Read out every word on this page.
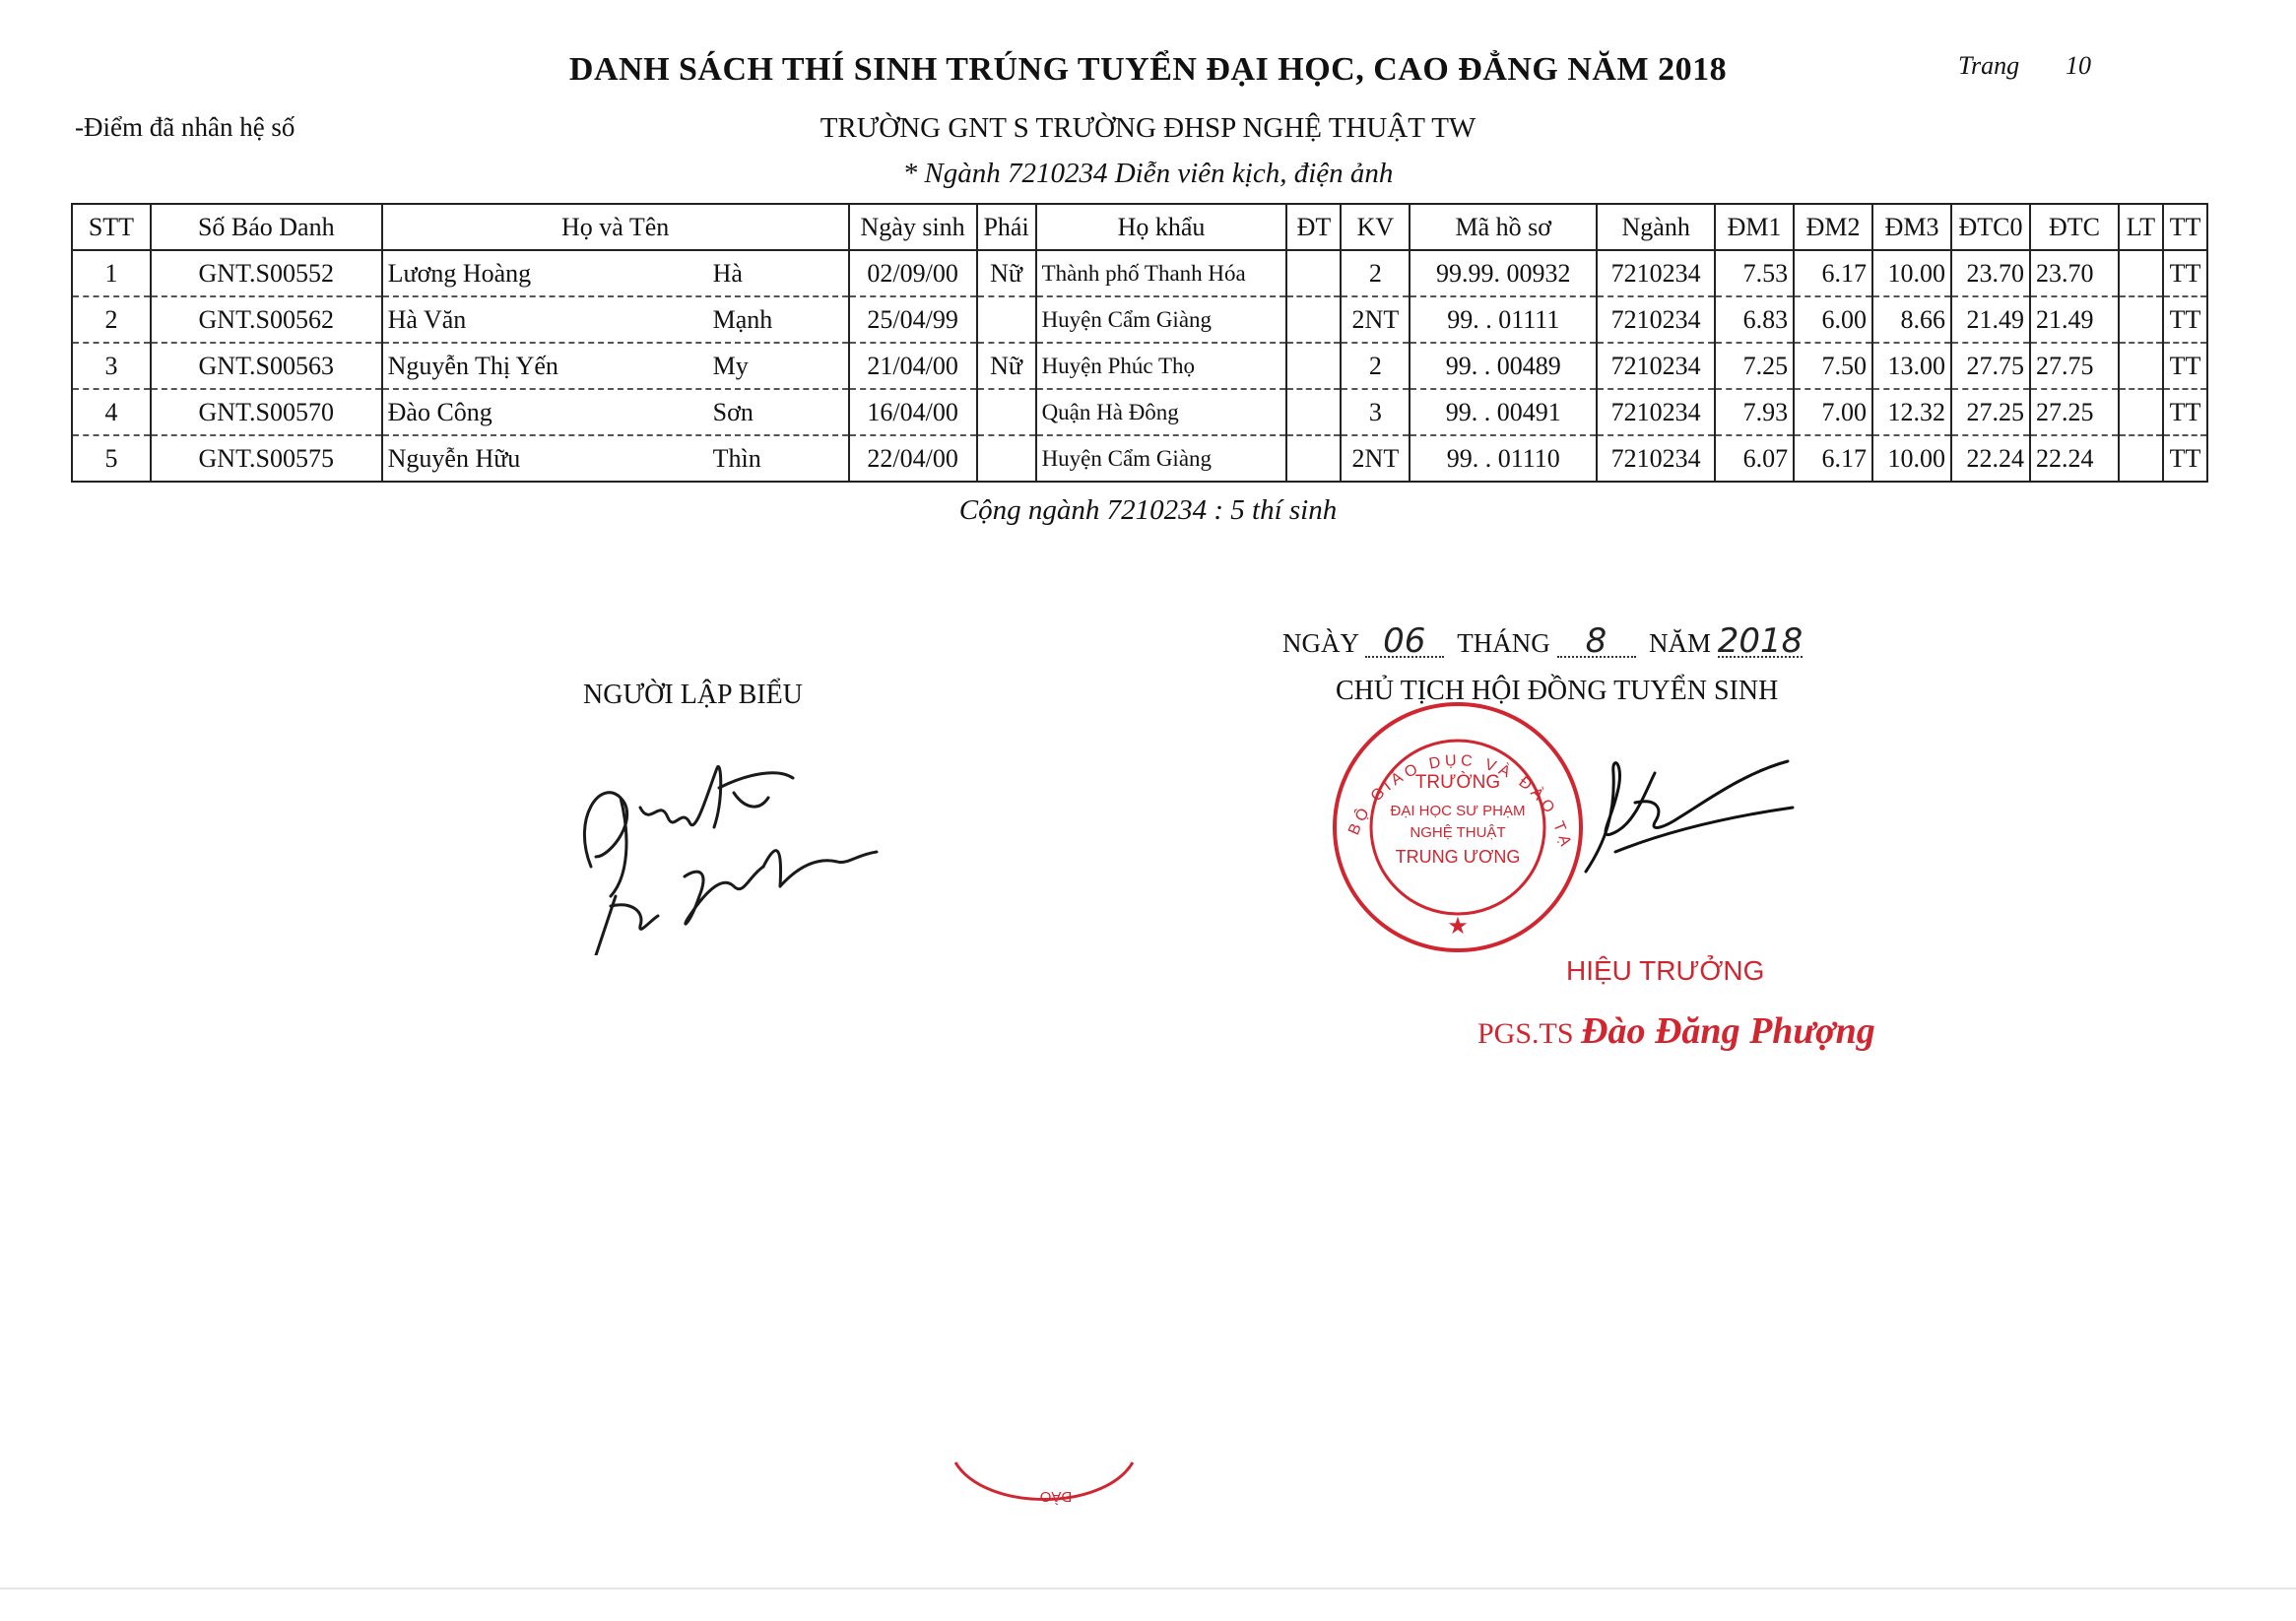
DANH SÁCH THÍ SINH TRÚNG TUYỂN ĐẠI HỌC, CAO ĐẲNG NĂM 2018	Trang 10
-Điểm đã nhân hệ số	TRƯỜNG GNT S TRƯỜNG ĐHSP NGHỆ THUẬT TW
* Ngành 7210234 Diễn viên kịch, điện ảnh
STT	Số Báo Danh	Họ và Tên	Ngày sinh	Phái	Họ khẩu	ĐT	KV	Mã hồ sơ	Ngành	ĐM1	ĐM2	ĐM3	ĐTC0	ĐTC	LT	TT
1	GNT.S00552	Lương Hoàng Hà	02/09/00	Nữ	Thành phố Thanh Hóa		2	99.99. 00932	7210234	7.53	6.17	10.00	23.70	23.70		TT
2	GNT.S00562	Hà Văn Mạnh	25/04/99		Huyện Cẩm Giàng		2NT	99. . 01111	7210234	6.83	6.00	8.66	21.49	21.49		TT
3	GNT.S00563	Nguyễn Thị Yến My	21/04/00	Nữ	Huyện Phúc Thọ		2	99. . 00489	7210234	7.25	7.50	13.00	27.75	27.75		TT
4	GNT.S00570	Đào Công Sơn	16/04/00		Quận Hà Đông		3	99. . 00491	7210234	7.93	7.00	12.32	27.25	27.25		TT
5	GNT.S00575	Nguyễn Hữu Thìn	22/04/00		Huyện Cẩm Giàng		2NT	99. . 01110	7210234	6.07	6.17	10.00	22.24	22.24		TT
Cộng ngành 7210234 : 5 thí sinh
NGÀY 06 THÁNG 8 NĂM 2018
NGƯỜI LẬP BIỂU	CHỦ TỊCH HỘI ĐỒNG TUYỂN SINH
TRƯỜNG
ĐẠI HỌC SƯ PHẠM
NGHỆ THUẬT
TRUNG ƯƠNG
★
BỘ GIÁO DỤC VÀ ĐÀO TẠ
HIỆU TRƯỞNG
PGS.TS Đào Đăng Phượng
ĐÀO
